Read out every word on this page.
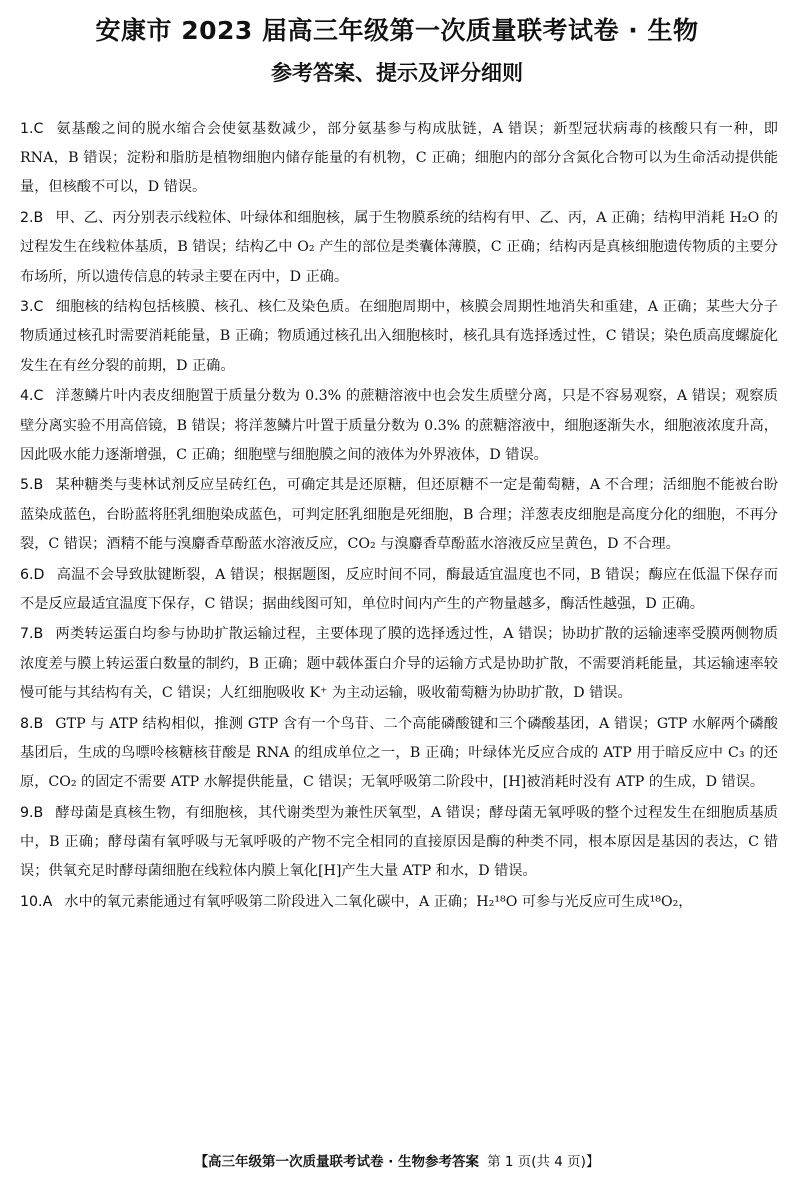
安康市 2023 届高三年级第一次质量联考试卷 · 生物
参考答案、提示及评分细则

1.C 氨基酸之间的脱水缩合会使氨基数减少，部分氨基参与构成肽链，A 错误；新型冠状病毒的核酸只有一种，即 RNA，B 错误；淀粉和脂肪是植物细胞内储存能量的有机物，C 正确；细胞内的部分含氮化合物可以为生命活动提供能量，但核酸不可以，D 错误。

2.B 甲、乙、丙分别表示线粒体、叶绿体和细胞核，属于生物膜系统的结构有甲、乙、丙，A 正确；结构甲消耗 H₂O 的过程发生在线粒体基质，B 错误；结构乙中 O₂ 产生的部位是类囊体薄膜，C 正确；结构丙是真核细胞遗传物质的主要分布场所，所以遗传信息的转录主要在丙中，D 正确。

3.C 细胞核的结构包括核膜、核孔、核仁及染色质。在细胞周期中，核膜会周期性地消失和重建，A 正确；某些大分子物质通过核孔时需要消耗能量，B 正确；物质通过核孔出入细胞核时，核孔具有选择透过性，C 错误；染色质高度螺旋化发生在有丝分裂的前期，D 正确。

4.C 洋葱鳞片叶内表皮细胞置于质量分数为 0.3% 的蔗糖溶液中也会发生质壁分离，只是不容易观察，A 错误；观察质壁分离实验不用高倍镜，B 错误；将洋葱鳞片叶置于质量分数为 0.3% 的蔗糖溶液中，细胞逐渐失水，细胞液浓度升高，因此吸水能力逐渐增强，C 正确；细胞壁与细胞膜之间的液体为外界液体，D 错误。

5.B 某种糖类与斐林试剂反应呈砖红色，可确定其是还原糖，但还原糖不一定是葡萄糖，A 不合理；活细胞不能被台盼蓝染成蓝色，台盼蓝将胚乳细胞染成蓝色，可判定胚乳细胞是死细胞，B 合理；洋葱表皮细胞是高度分化的细胞，不再分裂，C 错误；酒精不能与溴麝香草酚蓝水溶液反应，CO₂ 与溴麝香草酚蓝水溶液反应呈黄色，D 不合理。

6.D 高温不会导致肽键断裂，A 错误；根据题图，反应时间不同，酶最适宜温度也不同，B 错误；酶应在低温下保存而不是反应最适宜温度下保存，C 错误；据曲线图可知，单位时间内产生的产物量越多，酶活性越强，D 正确。

7.B 两类转运蛋白均参与协助扩散运输过程，主要体现了膜的选择透过性，A 错误；协助扩散的运输速率受膜两侧物质浓度差与膜上转运蛋白数量的制约，B 正确；题中载体蛋白介导的运输方式是协助扩散，不需要消耗能量，其运输速率较慢可能与其结构有关，C 错误；人红细胞吸收 K⁺ 为主动运输，吸收葡萄糖为协助扩散，D 错误。

8.B GTP 与 ATP 结构相似，推测 GTP 含有一个鸟苷、二个高能磷酸键和三个磷酸基团，A 错误；GTP 水解两个磷酸基团后，生成的鸟嘌呤核糖核苷酸是 RNA 的组成单位之一，B 正确；叶绿体光反应合成的 ATP 用于暗反应中 C₃ 的还原，CO₂ 的固定不需要 ATP 水解提供能量，C 错误；无氧呼吸第二阶段中，[H]被消耗时没有 ATP 的生成，D 错误。

9.B 酵母菌是真核生物，有细胞核，其代谢类型为兼性厌氧型，A 错误；酵母菌无氧呼吸的整个过程发生在细胞质基质中，B 正确；酵母菌有氧呼吸与无氧呼吸的产物不完全相同的直接原因是酶的种类不同，根本原因是基因的表达，C 错误；供氧充足时酵母菌细胞在线粒体内膜上氧化[H]产生大量 ATP 和水，D 错误。

10.A 水中的氧元素能通过有氧呼吸第二阶段进入二氧化碳中，A 正确；H₂¹⁸O 可参与光反应可生成¹⁸O₂，

【高三年级第一次质量联考试卷 · 生物参考答案 第 1 页(共 4 页)】
